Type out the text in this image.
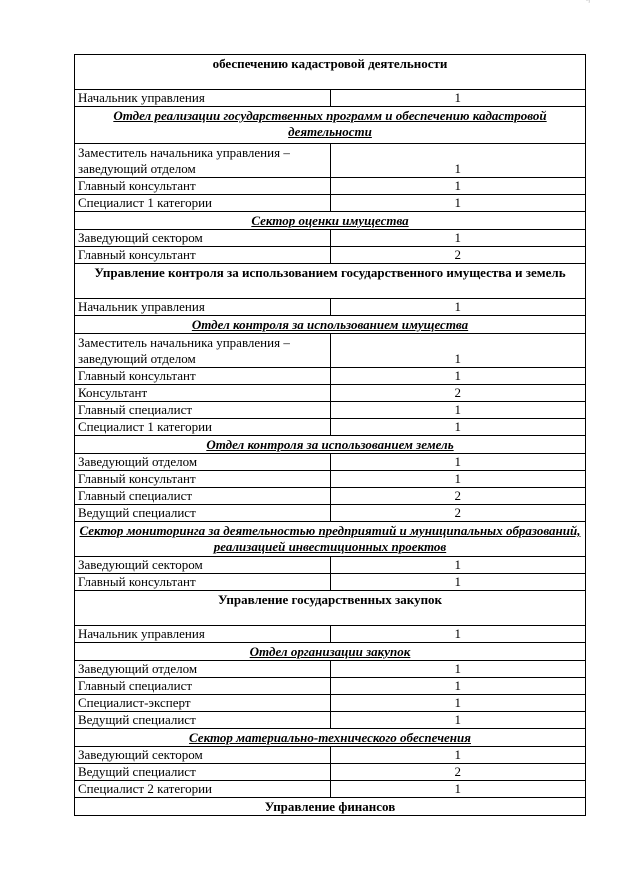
¨¹
обеспечению кадастровой деятельности	
Начальник управления	1
Отдел реализации государственных программ и обеспечению кадастровой деятельности	
Заместитель начальника управления – заведующий отделом	1
Главный консультант	1
Специалист 1 категории	1
Сектор оценки имущества	
Заведующий сектором	1
Главный консультант	2
Управление контроля за использованием государственного имущества и земель	
Начальник управления	1
Отдел контроля за использованием имущества	
Заместитель начальника управления – заведующий отделом	1
Главный консультант	1
Консультант	2
Главный специалист	1
Специалист 1 категории	1
Отдел контроля за использованием земель	
Заведующий отделом	1
Главный консультант	1
Главный специалист	2
Ведущий специалист	2
Сектор мониторинга за деятельностью предприятий и муниципальных образований, реализацией инвестиционных проектов	
Заведующий сектором	1
Главный консультант	1
Управление государственных закупок	
Начальник управления	1
Отдел организации закупок	
Заведующий отделом	1
Главный специалист	1
Специалист-эксперт	1
Ведущий специалист	1
Сектор материально-технического обеспечения	
Заведующий сектором	1
Ведущий специалист	2
Специалист 2 категории	1
Управление финансов	
